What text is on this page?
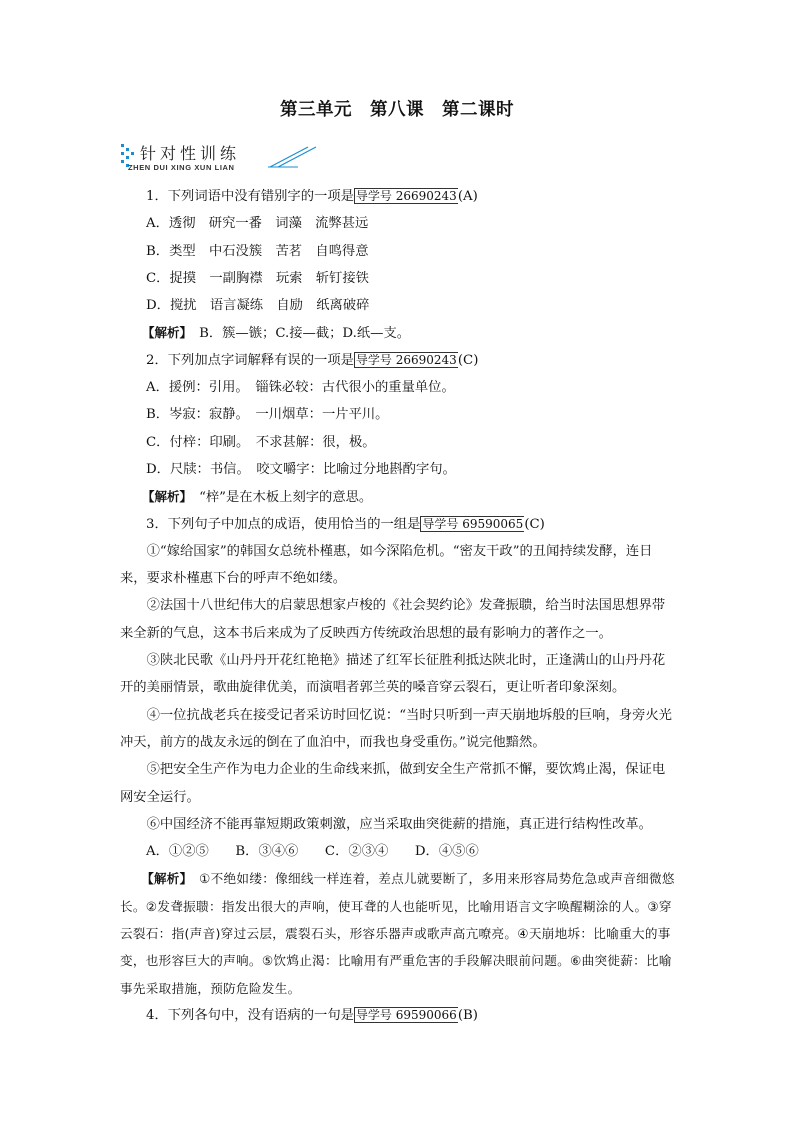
第三单元　第八课　第二课时
针对性训练
ZHEN DUI XING XUN LIAN
1．下列词语中没有错别字的一项是 导学号 26690243(A)
A．透彻　研究一番　词藻　流弊甚远
B．类型　中石没簇　苦茗　自鸣得意
C．捉摸　一副胸襟　玩索　斩钉接铁
D．搅扰　语言凝练　自励　纸离破碎
【解析】　 B．簇—镞；C.接—截；D.纸—支。
2．下列加点字词解释有误的一项是 导学号 26690243(C)
A．援例：引用。　锱铢必较：古代很小的重量单位。
B．岑寂：寂静。　一川烟草：一片平川。
C．付梓：印刷。　不求甚解：很，极。
D．尺牍：书信。　咬文嚼字：比喻过分地斟酌字句。
【解析】　 “梓”是在木板上刻字的意思。
3．下列句子中加点的成语，使用恰当的一组是 导学号 69590065(C)
①“嫁给国家”的韩国女总统朴槿惠，如今深陷危机。“密友干政”的丑闻持续发酵，连日来，要求朴槿惠下台的呼声不绝如缕。
②法国十八世纪伟大的启蒙思想家卢梭的《社会契约论》发聋振聩，给当时法国思想界带来全新的气息，这本书后来成为了反映西方传统政治思想的最有影响力的著作之一。
③陕北民歌《山丹丹开花红艳艳》描述了红军长征胜利抵达陕北时，正逢满山的山丹丹花开的美丽情景，歌曲旋律优美，而演唱者郭兰英的嗓音穿云裂石，更让听者印象深刻。
④一位抗战老兵在接受记者采访时回忆说：“当时只听到一声天崩地坼般的巨响，身旁火光冲天，前方的战友永远的倒在了血泊中，而我也身受重伤。”说完他黯然。
⑤把安全生产作为电力企业的生命线来抓，做到安全生产常抓不懈，要饮鸩止渴，保证电网安全运行。
⑥中国经济不能再靠短期政策刺激，应当采取曲突徙薪的措施，真正进行结构性改革。
A．①②⑤　　B．③④⑥　　C．②③④　　D．④⑤⑥
【解析】　 ①不绝如缕：像细线一样连着，差点儿就要断了，多用来形容局势危急或声音细微悠长。②发聋振聩：指发出很大的声响，使耳聋的人也能听见，比喻用语言文字唤醒糊涂的人。③穿云裂石：指(声音)穿过云层，震裂石头，形容乐器声或歌声高亢嘹亮。④天崩地坼：比喻重大的事变，也形容巨大的声响。⑤饮鸩止渴：比喻用有严重危害的手段解决眼前问题。⑥曲突徙薪：比喻事先采取措施，预防危险发生。
4．下列各句中，没有语病的一句是 导学号 69590066(B)
